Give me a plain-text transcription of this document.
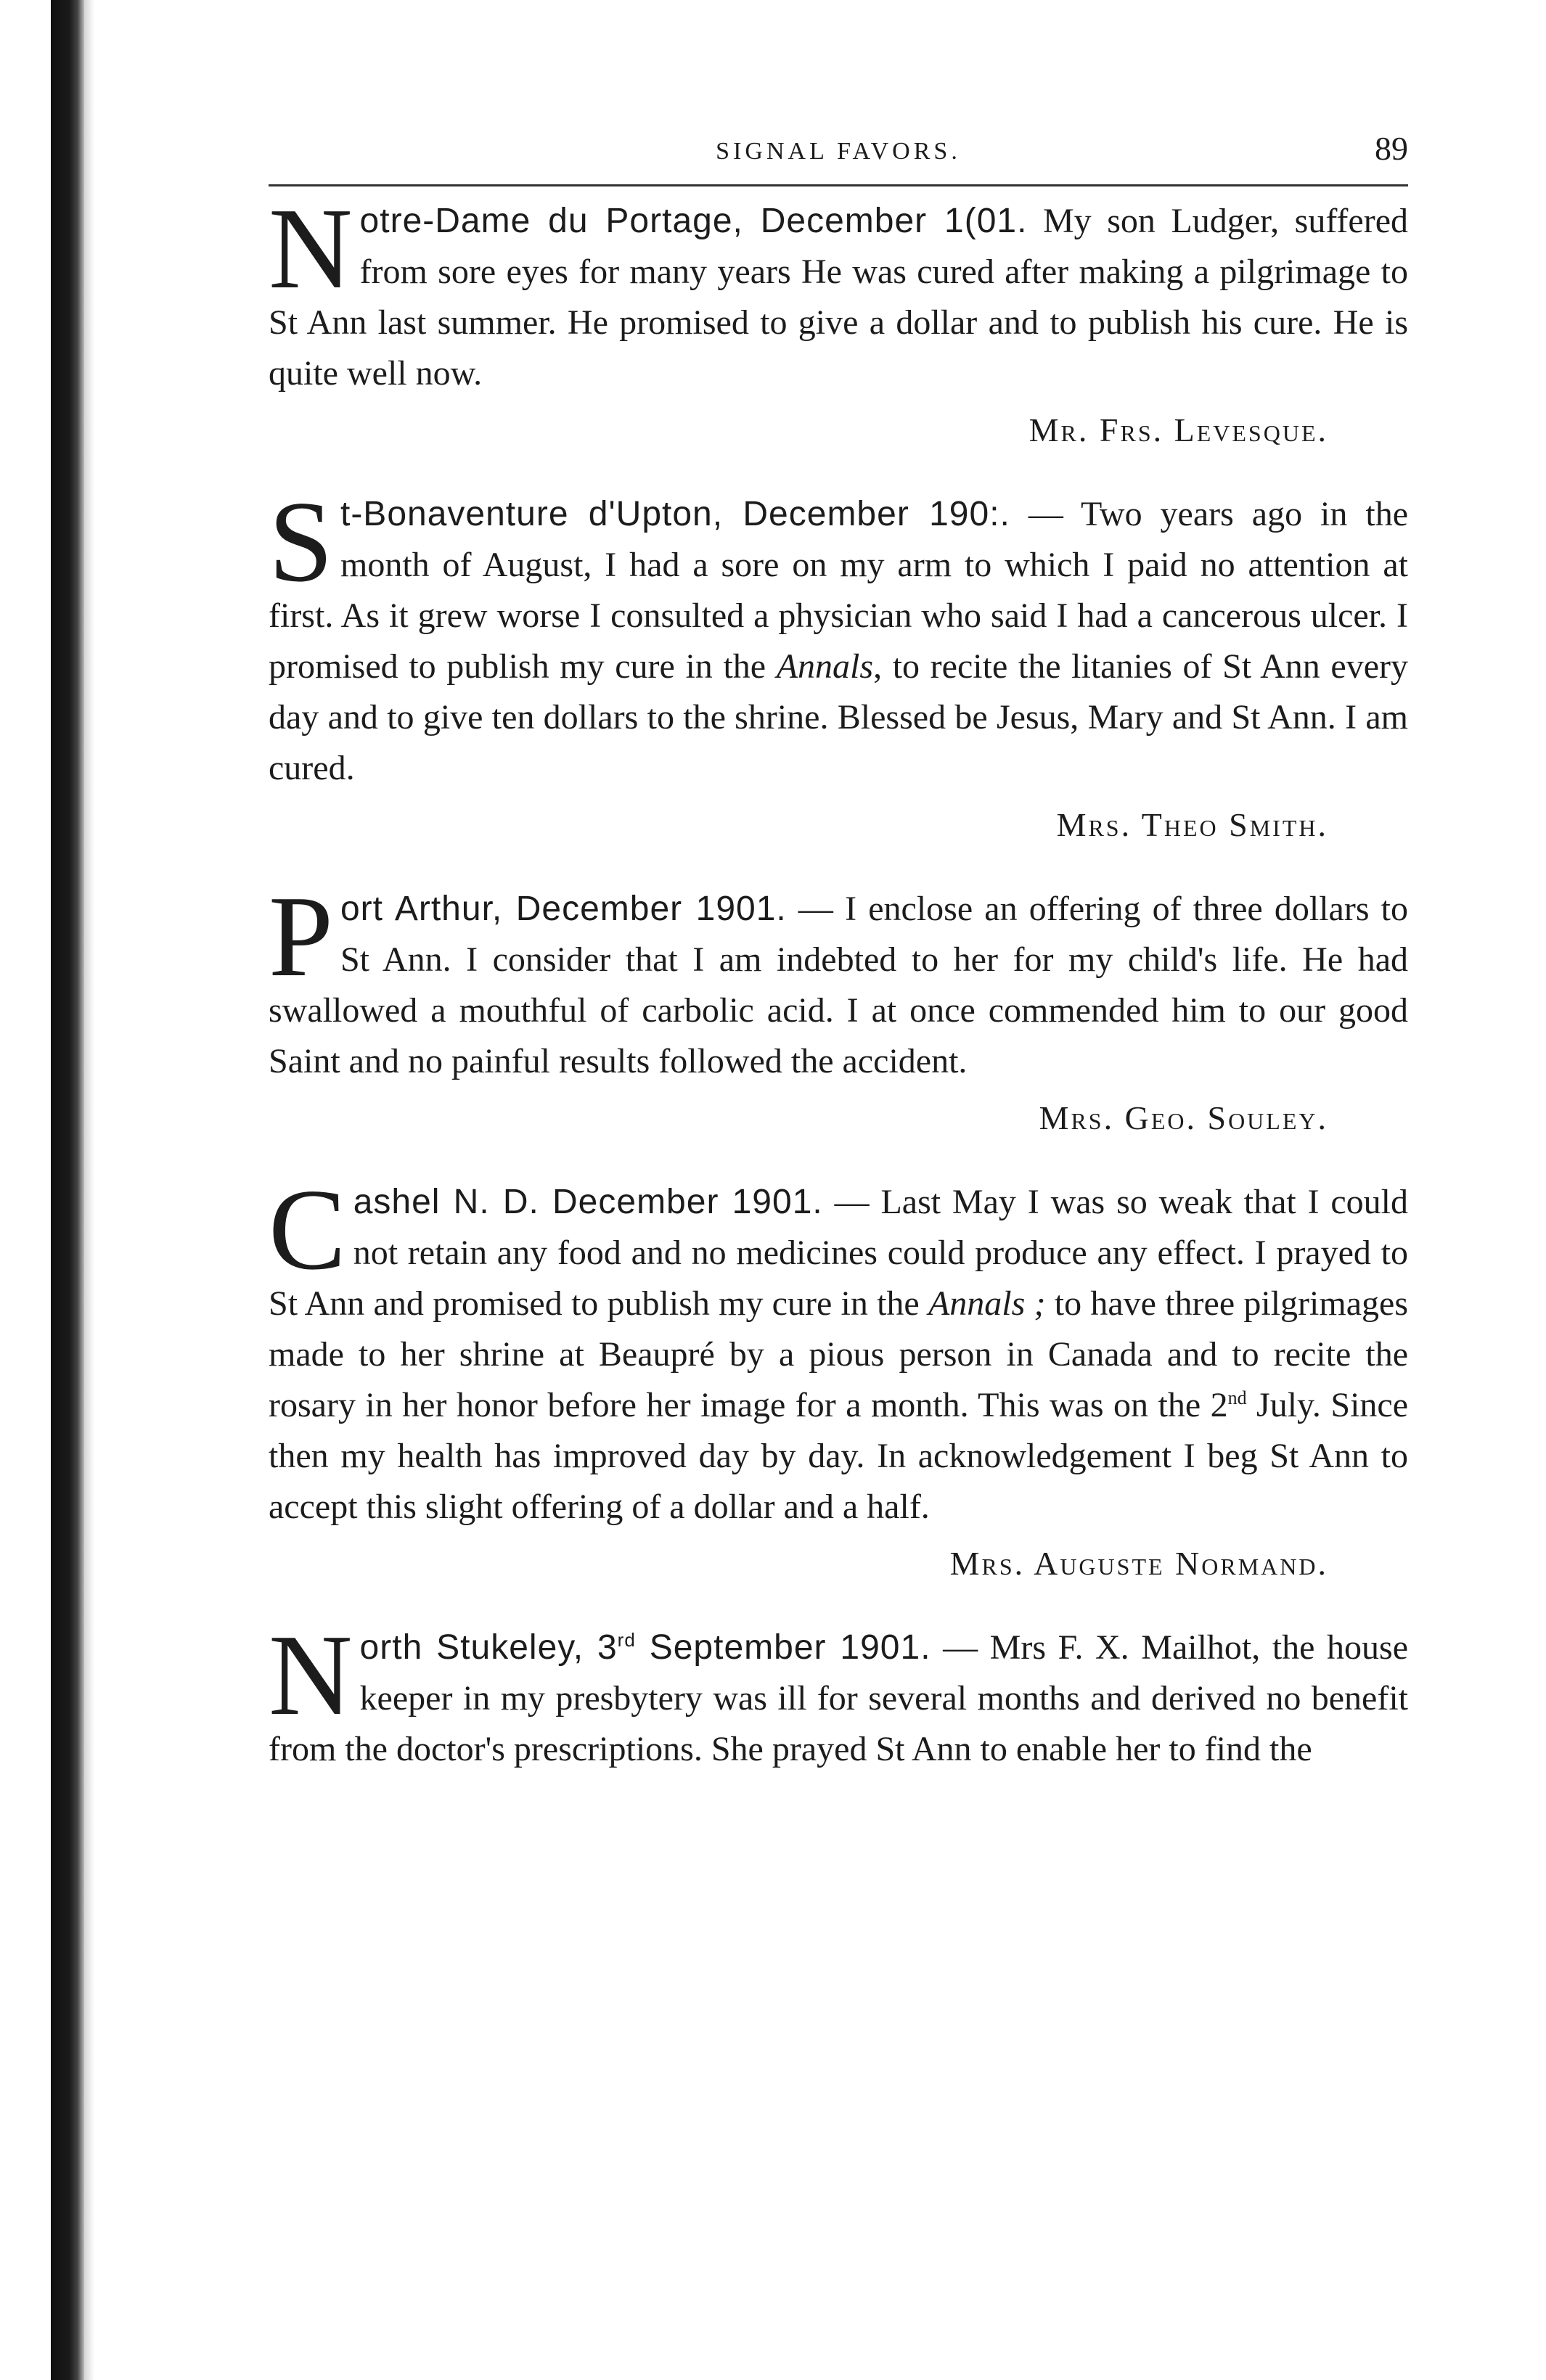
SIGNAL FAVORS.	89

Notre-Dame du Portage, December 1(01. My son Ludger, suffered from sore eyes for many years He was cured after making a pilgrimage to St Ann last summer. He promised to give a dollar and to publish his cure. He is quite well now.

Mr. Frs. Levesque.

St-Bonaventure d'Upton, December 190:. — Two years ago in the month of August, I had a sore on my arm to which I paid no attention at first. As it grew worse I consulted a physician who said I had a cancerous ulcer. I promised to publish my cure in the Annals, to recite the litanies of St Ann every day and to give ten dollars to the shrine. Blessed be Jesus, Mary and St Ann. I am cured.

Mrs. Theo Smith.

Port Arthur, December 1901. — I enclose an offering of three dollars to St Ann. I consider that I am indebted to her for my child's life. He had swallowed a mouthful of carbolic acid. I at once commended him to our good Saint and no painful results followed the accident.

Mrs. Geo. Souley.

Cashel N. D. December 1901. — Last May I was so weak that I could not retain any food and no medicines could produce any effect. I prayed to St Ann and promised to publish my cure in the Annals ; to have three pilgrimages made to her shrine at Beaupré by a pious person in Canada and to recite the rosary in her honor before her image for a month. This was on the 2nd July. Since then my health has improved day by day. In acknowledgement I beg St Ann to accept this slight offering of a dollar and a half.

Mrs. Auguste Normand.

North Stukeley, 3rd September 1901. — Mrs F. X. Mailhot, the house keeper in my presbytery was ill for several months and derived no benefit from the doctor's prescriptions. She prayed St Ann to enable her to find the
